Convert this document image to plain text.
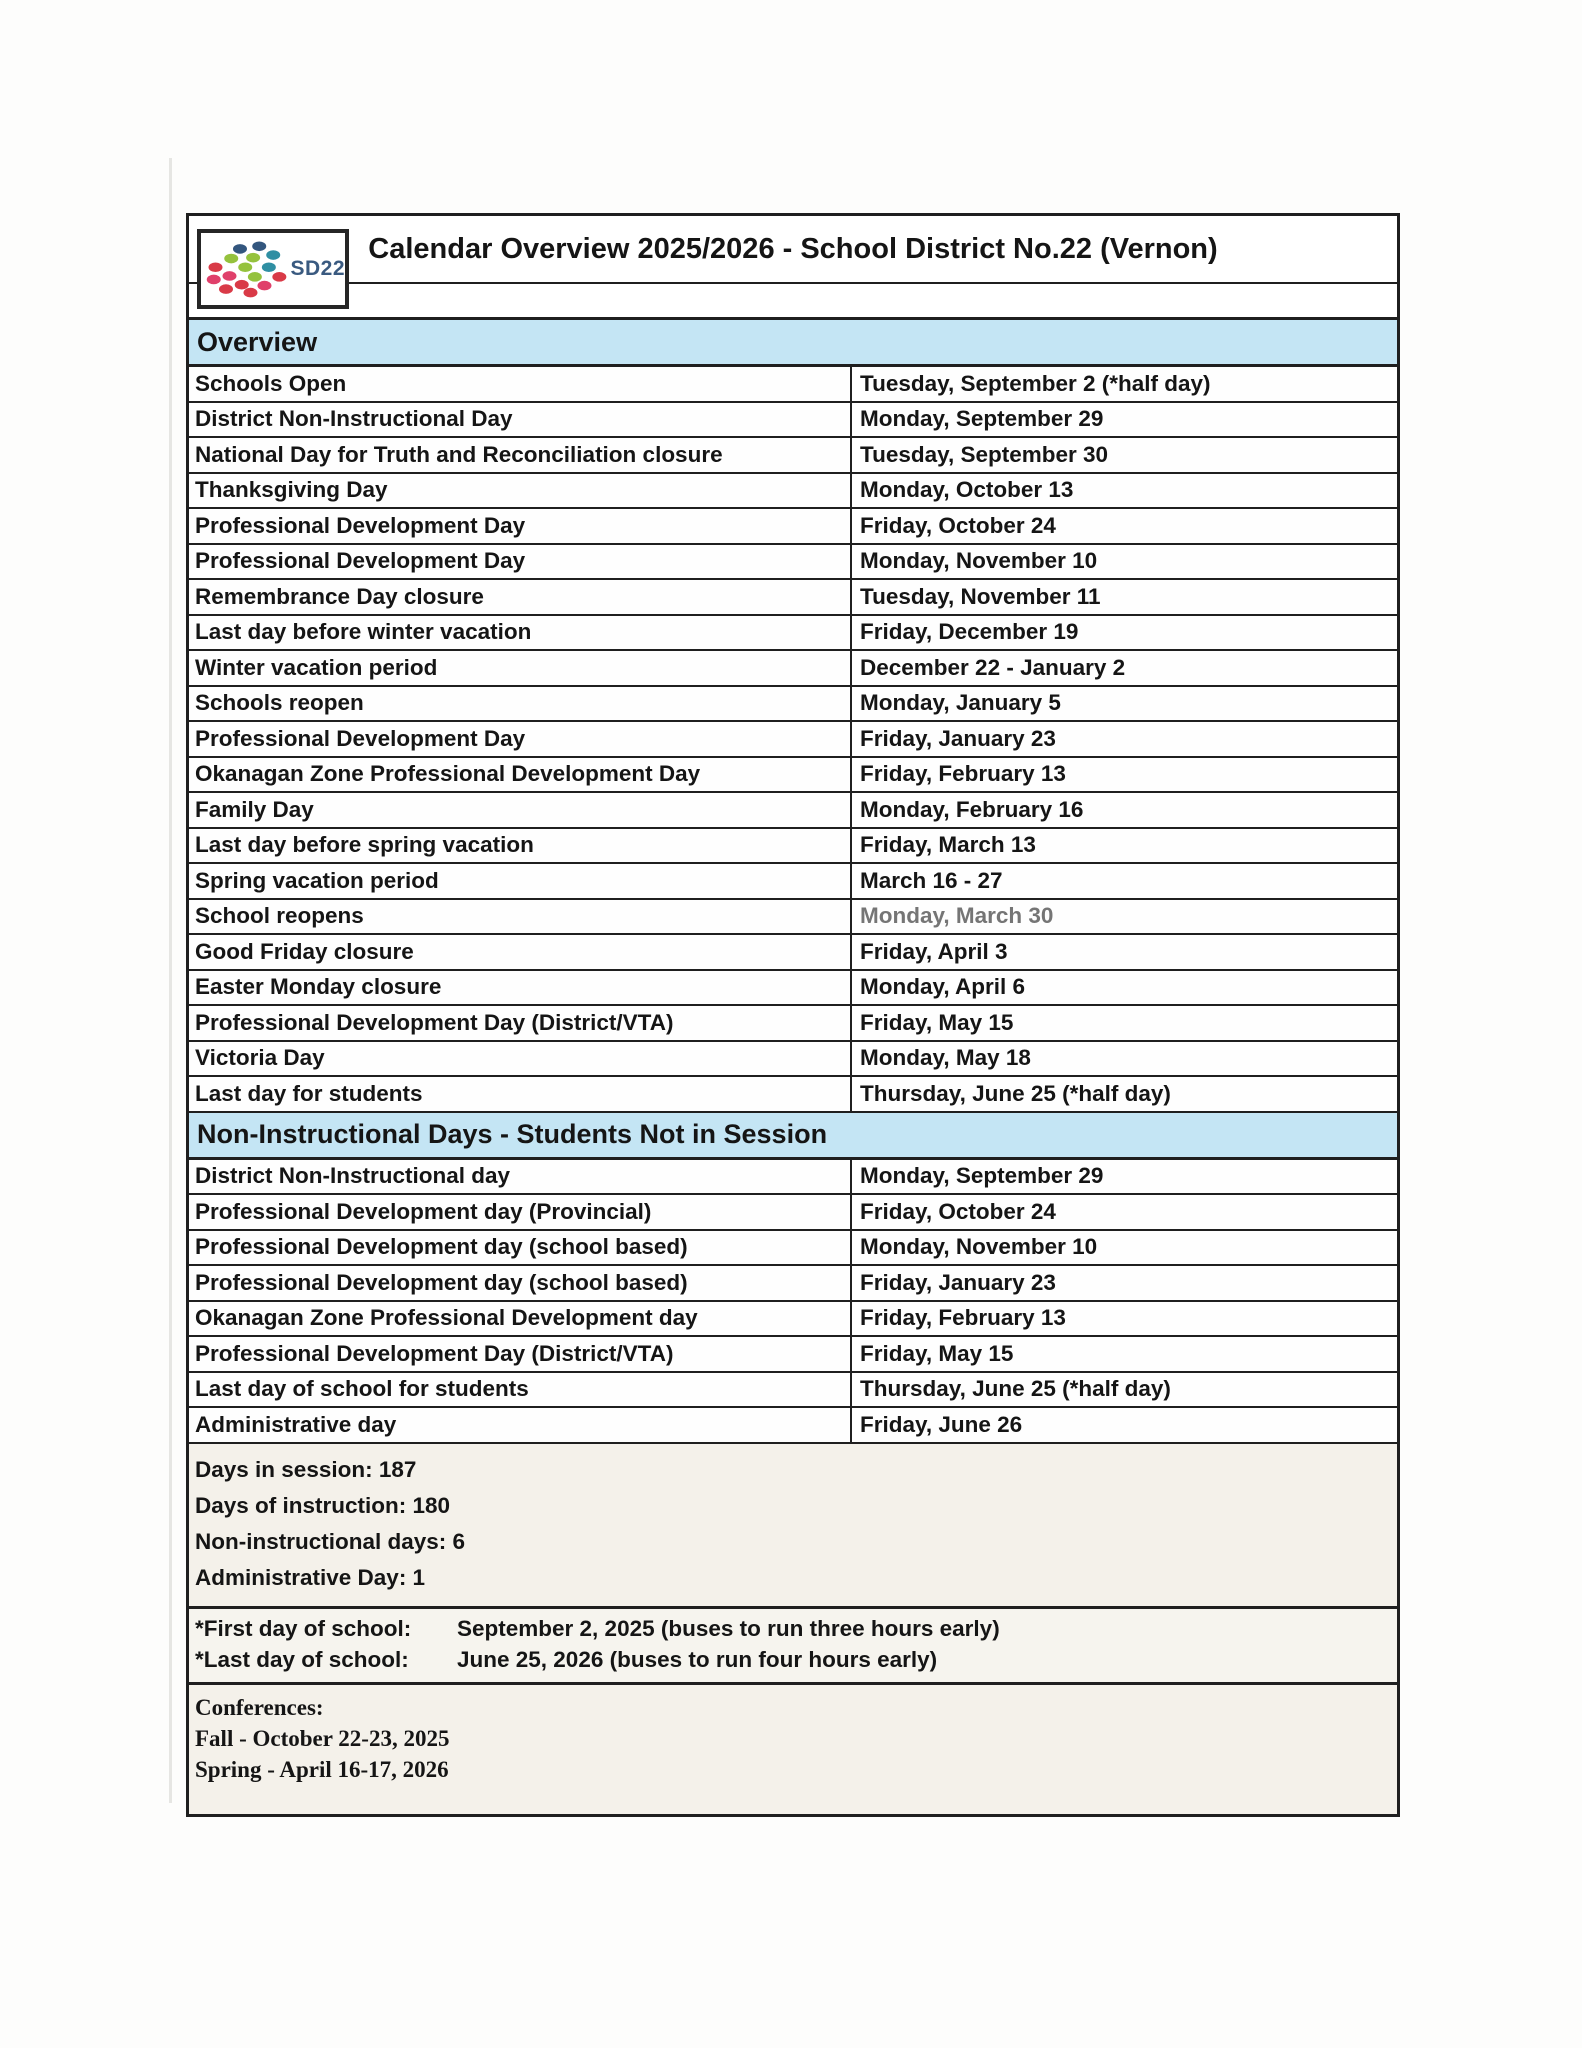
SD22
Calendar Overview 2025/2026 - School District No.22 (Vernon)
Overview
Schools Open	Tuesday, September 2 (*half day)
District Non-Instructional Day	Monday, September 29
National Day for Truth and Reconciliation closure	Tuesday, September 30
Thanksgiving Day	Monday, October 13
Professional Development Day	Friday, October 24
Professional Development Day	Monday, November 10
Remembrance Day closure	Tuesday, November 11
Last day before winter vacation	Friday, December 19
Winter vacation period	December 22 - January 2
Schools reopen	Monday, January 5
Professional Development Day	Friday, January 23
Okanagan Zone Professional Development Day	Friday, February 13
Family Day	Monday, February 16
Last day before spring vacation	Friday, March 13
Spring vacation period	March 16 - 27
School reopens	Monday, March 30
Good Friday closure	Friday, April 3
Easter Monday closure	Monday, April 6
Professional Development Day (District/VTA)	Friday, May 15
Victoria Day	Monday, May 18
Last day for students	Thursday, June 25 (*half day)
Non-Instructional Days - Students Not in Session
District Non-Instructional day	Monday, September 29
Professional Development day (Provincial)	Friday, October 24
Professional Development day (school based)	Monday, November 10
Professional Development day (school based)	Friday, January 23
Okanagan Zone Professional Development day	Friday, February 13
Professional Development Day (District/VTA)	Friday, May 15
Last day of school for students	Thursday, June 25 (*half day)
Administrative day	Friday, June 26
Days in session: 187
Days of instruction: 180
Non-instructional days: 6
Administrative Day: 1
*First day of school:	September 2, 2025 (buses to run three hours early)
*Last day of school:	June 25, 2026 (buses to run four hours early)
Conferences:
Fall - October 22-23, 2025
Spring - April 16-17, 2026
